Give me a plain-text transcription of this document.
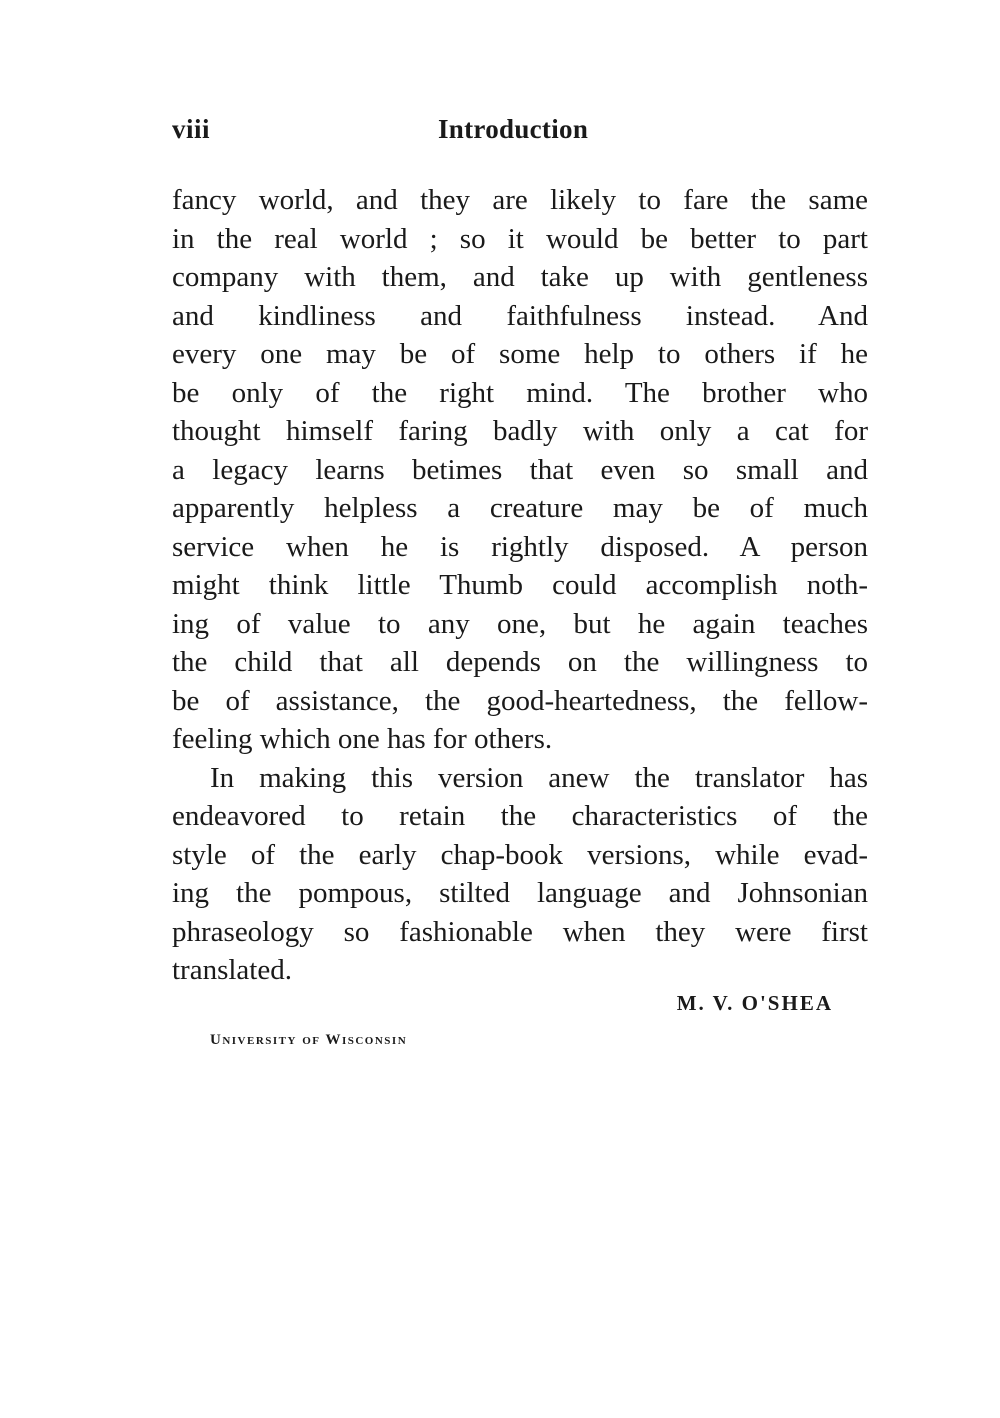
viii	Introduction
fancy world, and they are likely to fare the same
in the real world ; so it would be better to part
company with them, and take up with gentleness
and kindliness and faithfulness instead. And
every one may be of some help to others if he
be only of the right mind. The brother who
thought himself faring badly with only a cat for
a legacy learns betimes that even so small and
apparently helpless a creature may be of much
service when he is rightly disposed. A person
might think little Thumb could accomplish noth-
ing of value to any one, but he again teaches
the child that all depends on the willingness to
be of assistance, the good-heartedness, the fellow-
feeling which one has for others.
In making this version anew the translator has
endeavored to retain the characteristics of the
style of the early chap-book versions, while evad-
ing the pompous, stilted language and Johnsonian
phraseology so fashionable when they were first
translated.
M. V. O'SHEA
University of Wisconsin
